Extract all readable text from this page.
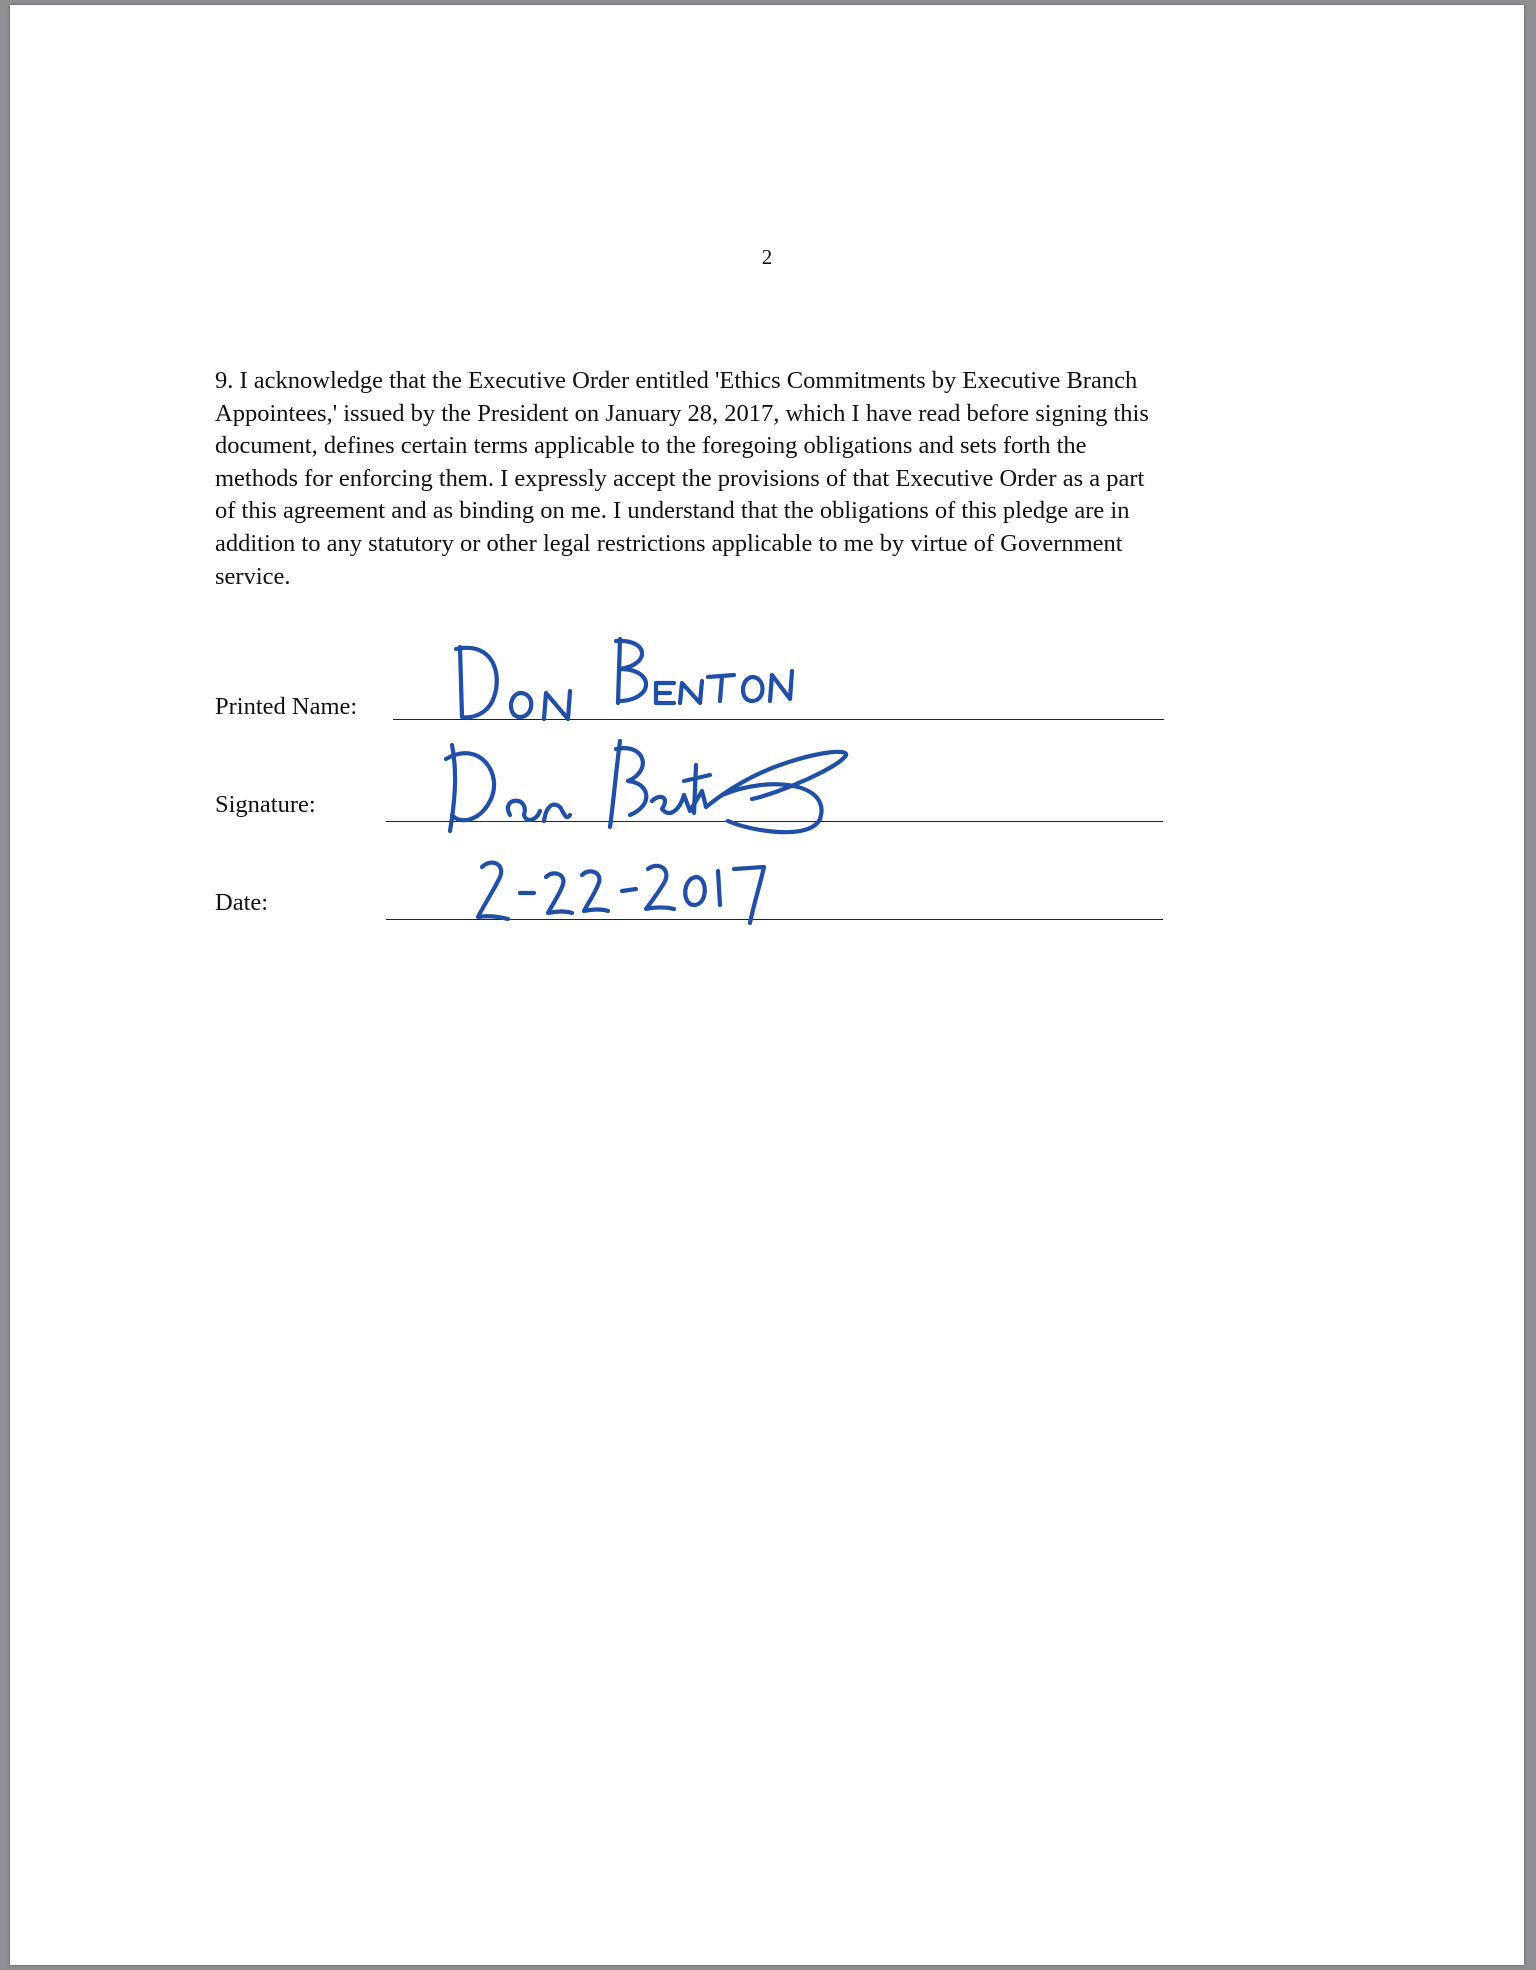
2

9. I acknowledge that the Executive Order entitled 'Ethics Commitments by Executive Branch
Appointees,' issued by the President on January 28, 2017, which I have read before signing this
document, defines certain terms applicable to the foregoing obligations and sets forth the
methods for enforcing them. I expressly accept the provisions of that Executive Order as a part
of this agreement and as binding on me. I understand that the obligations of this pledge are in
addition to any statutory or other legal restrictions applicable to me by virtue of Government
service.

Printed Name:
Signature:
Date:
